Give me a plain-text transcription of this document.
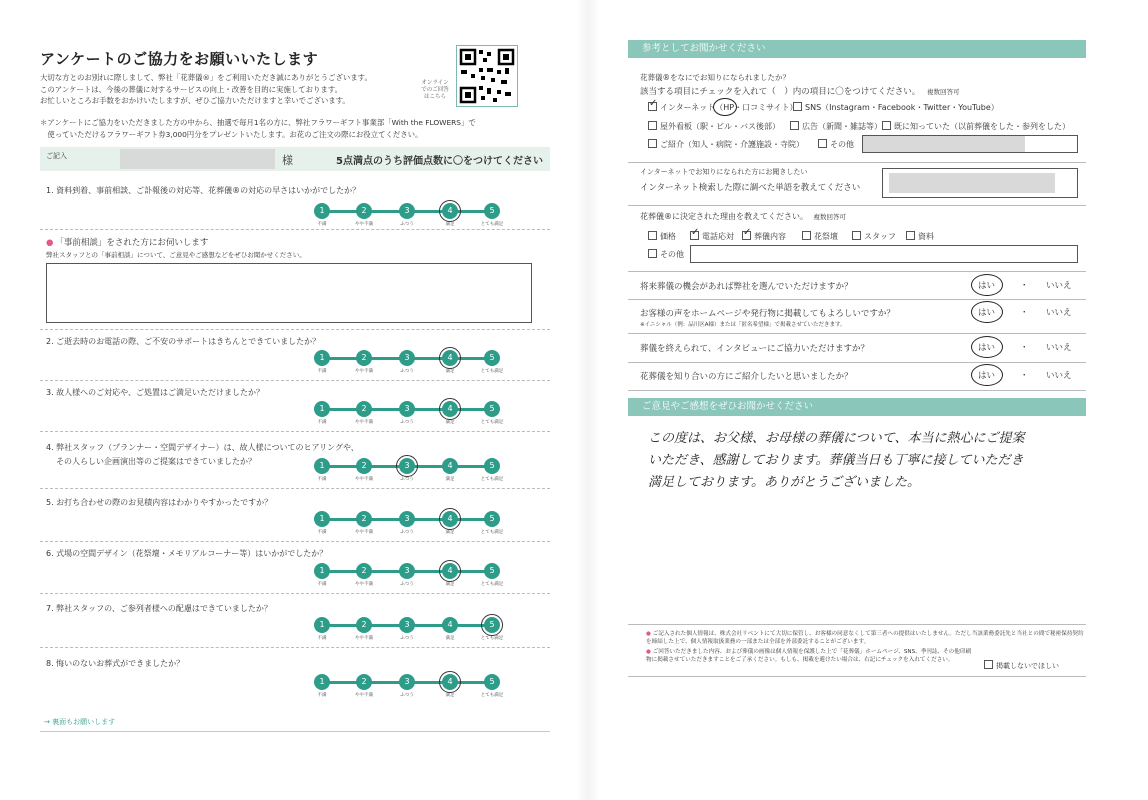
アンケートのご協力をお願いいたします
大切な方とのお別れに際しまして、弊社「花葬儀®」をご利用いただき誠にありがとうございます。
このアンケートは、今後の葬儀に対するサービスの向上・改善を目的に実施しております。
お忙しいところお手数をおかけいたしますが、ぜひご協力いただけますと幸いでございます。
オンラインでのご回答はこちら
＊アンケートにご協力をいただきました方の中から、抽選で毎月1名の方に、弊社フラワーギフト事業部「With the FLOWERS」で
　使っていただけるフラワーギフト券3,000円分をプレゼントいたします。お花のご注文の際にお役立てください。
ご記入	様	5点満点のうち評価点数に〇をつけてください
1. 資料到着、事前相談、ご訃報後の対応等、花葬儀®の対応の早さはいかがでしたか？
1
不満
2
やや不満
3
ふつう
4
満足
5
とても満足
2. ご逝去時のお電話の際、ご不安のサポートはきちんとできていましたか？
1
不満
2
やや不満
3
ふつう
4
満足
5
とても満足
3. 故人様へのご対応や、ご処置はご満足いただけましたか？
1
不満
2
やや不満
3
ふつう
4
満足
5
とても満足
4. 弊社スタッフ（プランナー・空間デザイナー）は、故人様についてのヒアリングや、
その人らしい企画演出等のご提案はできていましたか？	1
不満
2
やや不満
3
ふつう
4
満足
5
とても満足
5. お打ち合わせの際のお見積内容はわかりやすかったですか？
1
不満
2
やや不満
3
ふつう
4
満足
5
とても満足
6. 式場の空間デザイン（花祭壇・メモリアルコーナー等）はいかがでしたか？
1
不満
2
やや不満
3
ふつう
4
満足
5
とても満足
7. 弊社スタッフの、ご参列者様への配慮はできていましたか？
1
不満
2
やや不満
3
ふつう
4
満足
5
とても満足
8. 悔いのないお葬式ができましたか？
1
不満
2
やや不満
3
ふつう
4
満足
5
とても満足
● 「事前相談」をされた方にお伺いします
弊社スタッフとの「事前相談」について、ご意見やご感想などをぜひお聞かせください。
→ 裏面もお願いします
参考としてお聞かせください
花葬儀®をなにでお知りになられましたか？
該当する項目にチェックを入れて（　）内の項目に〇をつけてください。 複数回答可
✓ インターネット（HP・口コミサイト） SNS（Instagram・Facebook・Twitter・YouTube）
屋外看板（駅・ビル・バス後部）	広告（新聞・雑誌等）	既に知っていた（以前葬儀をした・参列をした）
ご紹介（知人・病院・介護施設・寺院）	その他
インターネットでお知りになられた方にお聞きしたい
インターネット検索した際に調べた単語を教えてください
花葬儀®に決定された理由を教えてください。 複数回答可
価格 ✓ 電話応対 ✓ 葬儀内容	花祭壇	スタッフ	資料
その他
将来葬儀の機会があれば弊社を選んでいただけますか？	はい	・ いいえ
お客様の声をホームページや発行物に掲載してもよろしいですか？
※イニシャル（例：品川区A様）または「匿名希望様」で掲載させていただきます。
はい	・ いいえ
葬儀を終えられて、インタビューにご協力いただけますか？	はい	・ いいえ
花葬儀を知り合いの方にご紹介したいと思いましたか？	はい	・ いいえ
ご意見やご感想をぜひお聞かせください
この度は、お父様、お母様の葬儀について、本当に熱心にご提案
いただき、感謝しております。葬儀当日も丁寧に接していただき
満足しております。ありがとうございました。
● ご記入された個人情報は、株式会社リベントにて大切に保管し、お客様の同意なくして第三者への提供はいたしません。ただし当該業務委託先と当社との間で秘密保持契約を締結した上で、個人情報取扱業務の一部または全部を外部委託することがございます。
● ご回答いただきました内容、および葬儀の画像は個人情報を保護した上で「花葬儀」ホームページ、SNS、季刊誌、その他印刷物に掲載させていただきますことをご了承ください。もしも、掲載を避けたい場合は、右記にチェックを入れてください。
掲載しないでほしい
